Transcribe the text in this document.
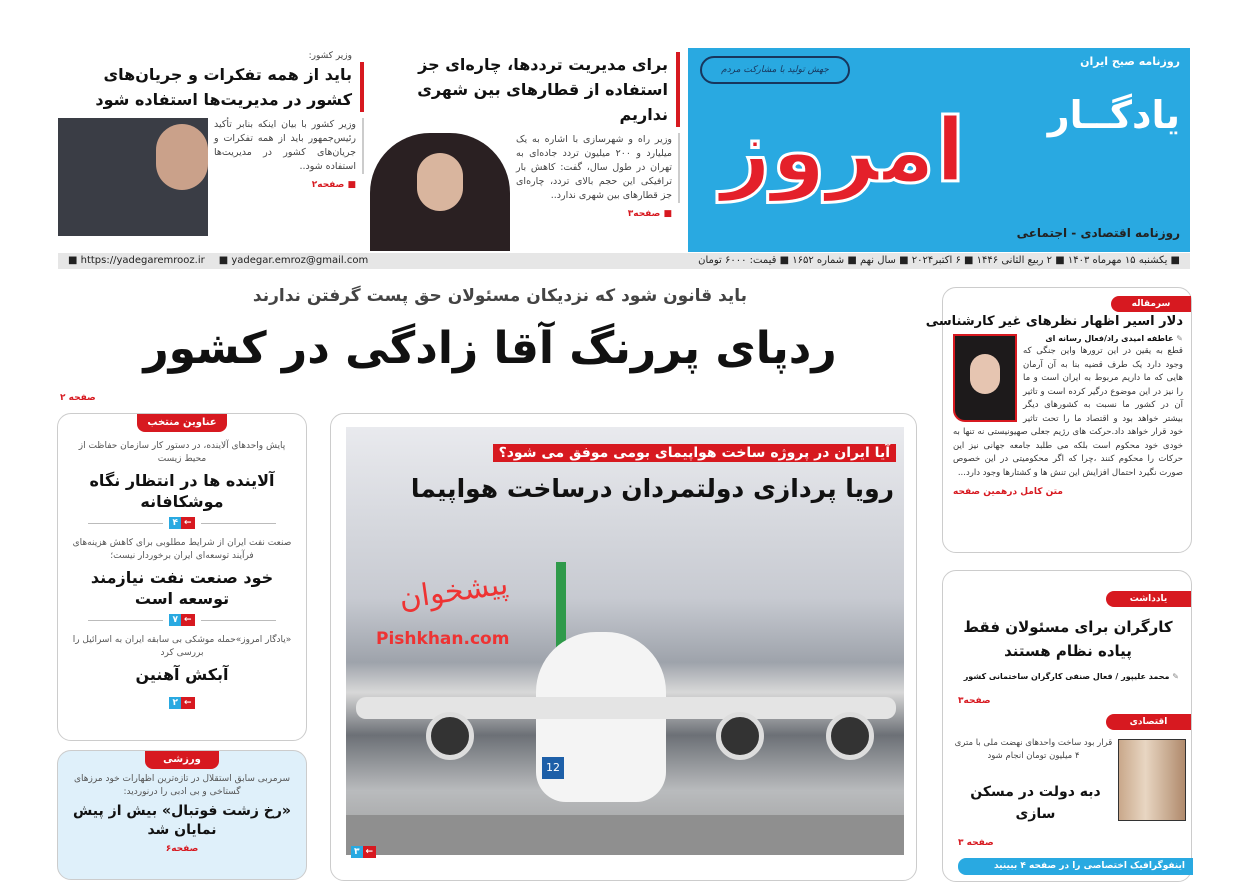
روزنامه صبح ایران
جهش تولید با مشارکت مردم
امروز	یادگــار
روزنامه اقتصادی - اجتماعی
برای مدیریت ترددها، چاره‌ای جز استفاده از قطارهای بین شهری نداریم
وزیر راه و شهرسازی با اشاره به یک میلیارد و ۲۰۰ میلیون تردد جاده‌ای به تهران در طول سال، گفت: کاهش بار ترافیکی این حجم بالای تردد، چاره‌ای جز قطارهای بین شهری ندارد..
■ صفحه۳
وزیر کشور:
باید از همه تفکرات و جریان‌های کشور در مدیریت‌ها استفاده شود
وزیر کشور با بیان اینکه بنابر تأکید رئیس‌جمهور باید از همه تفکرات و جریان‌های کشور در مدیریت‌ها استفاده شود..
■ صفحه۲
■ https://yadegaremrooz.ir ■ yadegar.emroz@gmail.com	■ یکشنبه ۱۵ مهرماه ۱۴۰۳ ■ ۲ ربیع الثانی ۱۴۴۶ ■ ۶ اکتبر۲۰۲۴ ■ سال نهم ■ شماره ۱۶۵۲ ■ قیمت: ۶۰۰۰ تومان
باید قانون شود که نزدیکان مسئولان حق پست گرفتن ندارند
ردپای پررنگ آقا زادگی در کشور
صفحه ۲
12
آیا ایران در پروژه ساخت هواپیمای بومی موفق می شود؟
رویا پردازی دولتمردان درساخت هواپیما
پیشخوان
Pishkhan.com
۳ ←
عناوین منتخب
پایش واحدهای آلاینده، در دستور کار سازمان حفاظت از محیط زیست
آلاینده ها در انتظار نگاه موشکافانه
۴ ←
صنعت نفت ایران از شرایط مطلوبی برای کاهش هزینه‌های فرآیند توسعه‌ای ایران برخوردار نیست؛
خود صنعت نفت نیازمند توسعه است
۷ ←
«یادگار امروز»حمله موشکی بی سابقه ایران به اسرائیل را بررسی کرد
آبکش آهنین
۲ ←
ورزشی
سرمربی سابق استقلال در تازه‌ترین اظهارات خود مرزهای گستاخی و بی ادبی را درنوردید:
«رخ زشت فوتبال» بیش از پیش نمایان شد
صفحه۶
سرمقاله
دلار اسیر اظهار نظرهای غیر کارشناسی
✎ عاطفه امیدی راد/فعال رسانه ای
قطع به یقین در این ترورها واین جنگی که وجود دارد یک طرف قضیه بنا به آن آرمان هایی که ما داریم مربوط به ایران است و ما را نیز در این موضوع درگیر کرده است و تاثیر آن در کشور ما نسبت به کشورهای دیگر بیشتر خواهد بود و اقتصاد ما را تحت تاثیر خود قرار خواهد داد.حرکت های رژیم جعلی صهیونیستی نه تنها به خودی خود محکوم است بلکه می طلبد جامعه جهانی نیز این حرکات را محکوم کنند ،چرا که اگر محکومیتی در این خصوص صورت نگیرد احتمال افزایش این تنش ها و کشتارها وجود دارد...
متن کامل درهمین صفحه
یادداشت
کارگران برای مسئولان فقط پیاده نظام هستند
✎ محمد علیپور / فعال صنفی کارگران ساختمانی کشور
صفحه۳
اقتصادی
قرار بود ساخت واحدهای نهضت ملی با متری ۴ میلیون تومان انجام شود
دبه دولت در مسکن سازی
صفحه ۳
اینفوگرافیک اختصاصی را در صفحه ۴ ببینید
